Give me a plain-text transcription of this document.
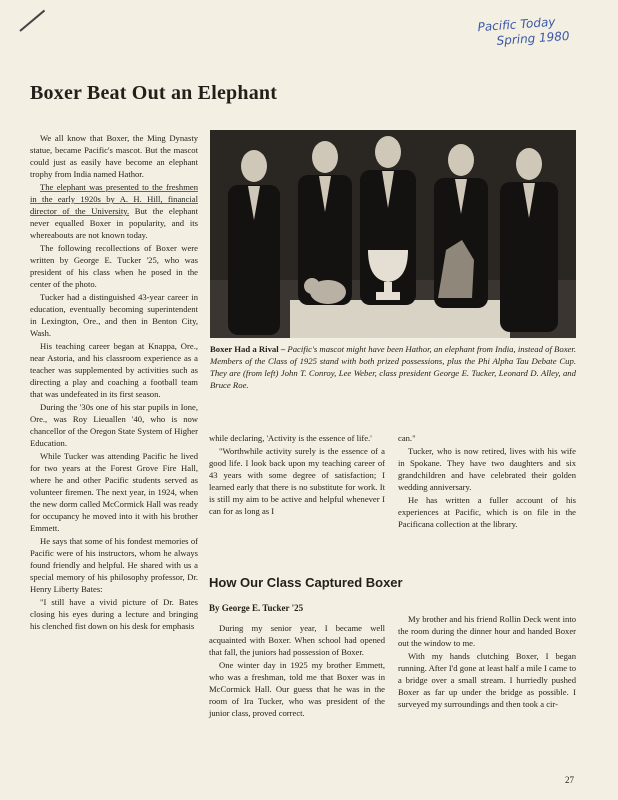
Pacific Today
Spring 1980
Boxer Beat Out an Elephant

We all know that Boxer, the Ming Dynasty statue, became Pacific's mascot. But the mascot could just as easily have become an elephant trophy from India named Hathor.

The elephant was presented to the freshmen in the early 1920s by A. H. Hill, financial director of the University. But the elephant never equalled Boxer in popularity, and its whereabouts are not known today.

The following recollections of Boxer were written by George E. Tucker '25, who was president of his class when he posed in the center of the photo.

Tucker had a distinguished 43-year career in education, eventually becoming superintendent in Lexington, Ore., and then in Benton City, Wash.

His teaching career began at Knappa, Ore., near Astoria, and his classroom experience as a teacher was supplemented by activities such as directing a play and coaching a football team that was undefeated in its first season.

During the '30s one of his star pupils in Ione, Ore., was Roy Lieuallen '40, who is now chancellor of the Oregon State System of Higher Education.

While Tucker was attending Pacific he lived for two years at the Forest Grove Fire Hall, where he and other Pacific students served as volunteer firemen. The next year, in 1924, when the new dorm called McCormick Hall was ready for occupancy he moved into it with his brother Emmett.

He says that some of his fondest memories of Pacific were of his instructors, whom he always found friendly and helpful. He shared with us a special memory of his philosophy professor, Dr. Henry Liberty Bates:

"I still have a vivid picture of Dr. Bates closing his eyes during a lecture and bringing his clenched fist down on his desk for emphasis

Boxer Had a Rival – Pacific's mascot might have been Hathor, an elephant from India, instead of Boxer. Members of the Class of 1925 stand with both prized possessions, plus the Phi Alpha Tau Debate Cup. They are (from left) John T. Conroy, Lee Weber, class president George E. Tucker, Leonard D. Alley, and Bruce Roe.

while declaring, 'Activity is the essence of life.'

"Worthwhile activity surely is the essence of a good life. I look back upon my teaching career of 43 years with some degree of satisfaction; I learned early that there is no substitute for work. It is still my aim to be active and helpful whenever I can for as long as I

can."

Tucker, who is now retired, lives with his wife in Spokane. They have two daughters and six grandchildren and have celebrated their golden wedding anniversary.

He has written a fuller account of his experiences at Pacific, which is on file in the Pacificana collection at the library.

How Our Class Captured Boxer
By George E. Tucker '25

During my senior year, I became well acquainted with Boxer. When school had opened that fall, the juniors had possession of Boxer.

One winter day in 1925 my brother Emmett, who was a freshman, told me that Boxer was in McCormick Hall. Our guess that he was in the room of Ira Tucker, who was president of the junior class, proved correct.

My brother and his friend Rollin Deck went into the room during the dinner hour and handed Boxer out the window to me.

With my hands clutching Boxer, I began running. After I'd gone at least half a mile I came to a bridge over a small stream. I hurriedly pushed Boxer as far up under the bridge as possible. I surveyed my surroundings and then took a cir-

27
